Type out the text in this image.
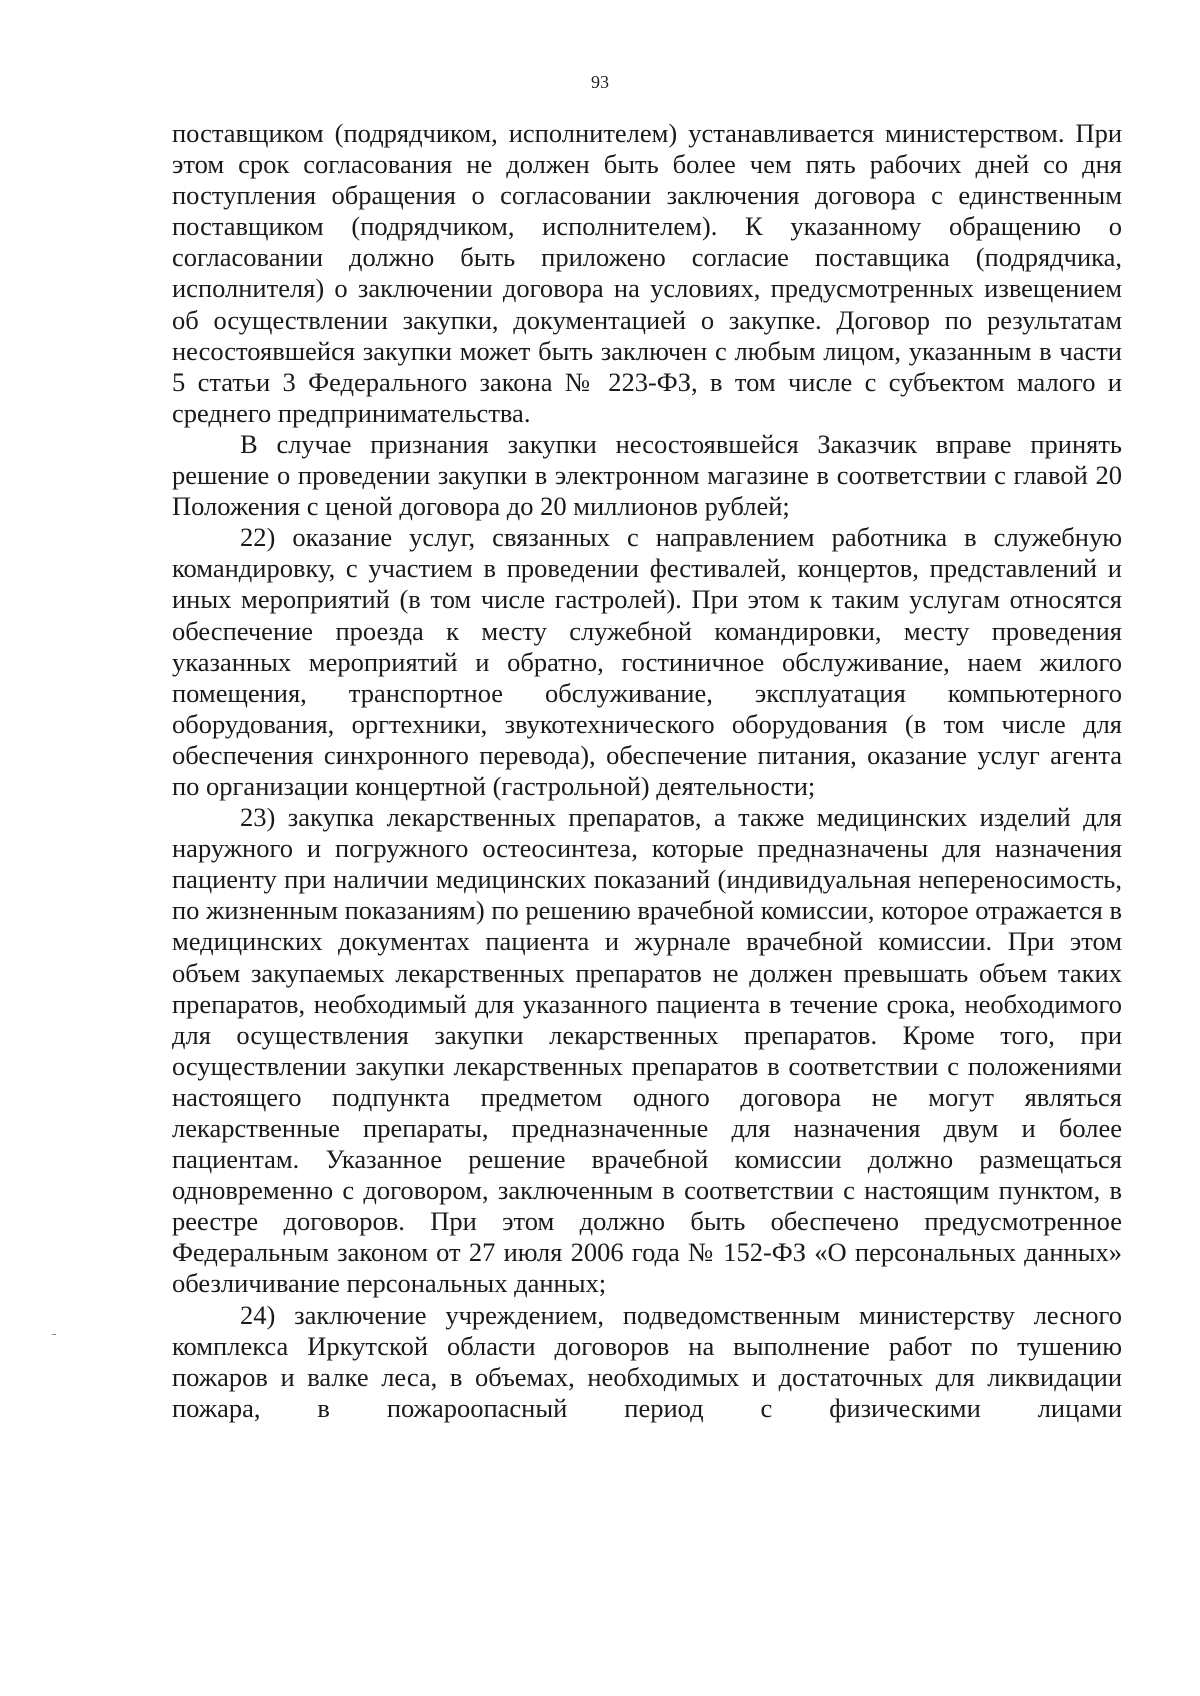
93

поставщиком (подрядчиком, исполнителем) устанавливается министерством. При этом срок согласования не должен быть более чем пять рабочих дней со дня поступления обращения о согласовании заключения договора с единственным поставщиком (подрядчиком, исполнителем). К указанному обращению о согласовании должно быть приложено согласие поставщика (подрядчика, исполнителя) о заключении договора на условиях, предусмотренных извещением об осуществлении закупки, документацией о закупке. Договор по результатам несостоявшейся закупки может быть заключен с любым лицом, указанным в части 5 статьи 3 Федерального закона № 223-ФЗ, в том числе с субъектом малого и среднего предпринимательства.

В случае признания закупки несостоявшейся Заказчик вправе принять решение о проведении закупки в электронном магазине в соответствии с главой 20 Положения с ценой договора до 20 миллионов рублей;

22) оказание услуг, связанных с направлением работника в служебную командировку, с участием в проведении фестивалей, концертов, представлений и иных мероприятий (в том числе гастролей). При этом к таким услугам относятся обеспечение проезда к месту служебной командировки, месту проведения указанных мероприятий и обратно, гостиничное обслуживание, наем жилого помещения, транспортное обслуживание, эксплуатация компьютерного оборудования, оргтехники, звукотехнического оборудования (в том числе для обеспечения синхронного перевода), обеспечение питания, оказание услуг агента по организации концертной (гастрольной) деятельности;

23) закупка лекарственных препаратов, а также медицинских изделий для наружного и погружного остеосинтеза, которые предназначены для назначения пациенту при наличии медицинских показаний (индивидуальная непереносимость, по жизненным показаниям) по решению врачебной комиссии, которое отражается в медицинских документах пациента и журнале врачебной комиссии. При этом объем закупаемых лекарственных препаратов не должен превышать объем таких препаратов, необходимый для указанного пациента в течение срока, необходимого для осуществления закупки лекарственных препаратов. Кроме того, при осуществлении закупки лекарственных препаратов в соответствии с положениями настоящего подпункта предметом одного договора не могут являться лекарственные препараты, предназначенные для назначения двум и более пациентам. Указанное решение врачебной комиссии должно размещаться одновременно с договором, заключенным в соответствии с настоящим пунктом, в реестре договоров. При этом должно быть обеспечено предусмотренное Федеральным законом от 27 июля 2006 года № 152-ФЗ «О персональных данных» обезличивание персональных данных;

24) заключение учреждением, подведомственным министерству лесного комплекса Иркутской области договоров на выполнение работ по тушению пожаров и валке леса, в объемах, необходимых и достаточных для ликвидации пожара, в пожароопасный период с физическими лицами
